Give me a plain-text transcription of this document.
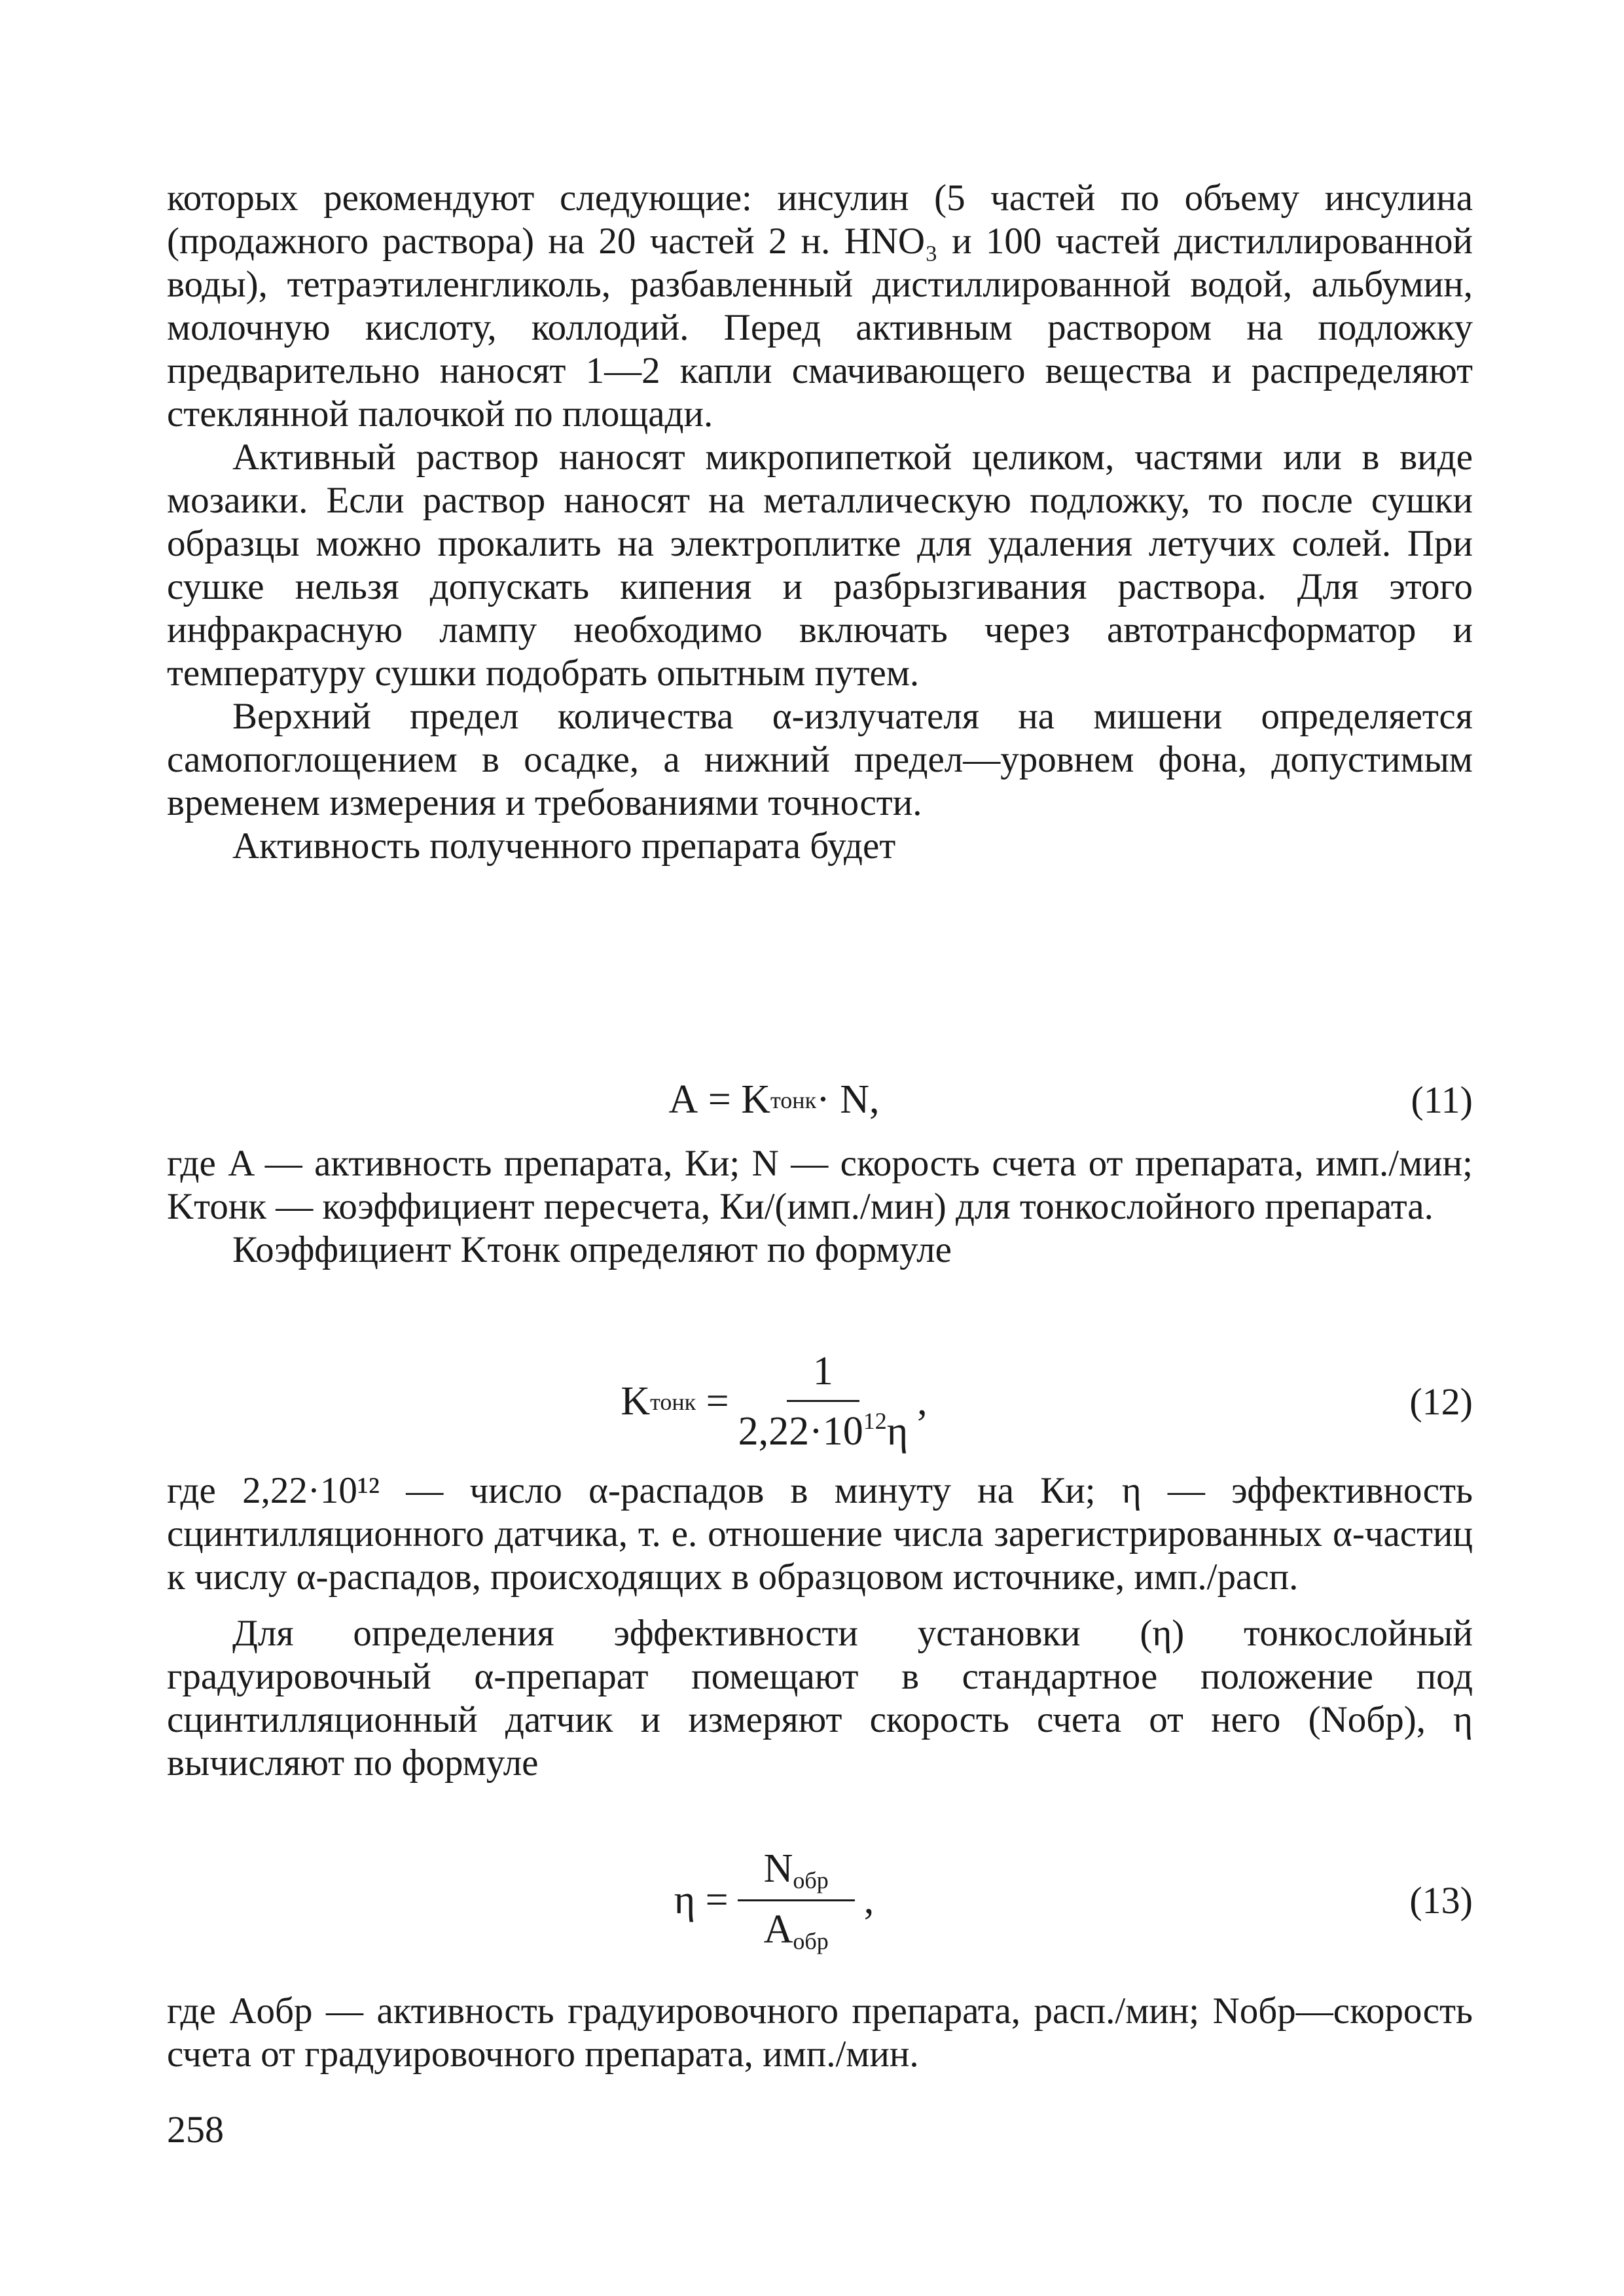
которых рекомендуют следующие: инсулин (5 частей по объему инсулина (продажного раствора) на 20 частей 2 н. HNO₃ и 100 частей дистиллированной воды), тетраэтиленгликоль, разбавленный дистиллированной водой, альбумин, молочную кислоту, коллодий. Перед активным раствором на подложку предварительно наносят 1—2 капли смачивающего вещества и распределяют стеклянной палочкой по площади.

Активный раствор наносят микропипеткой целиком, частями или в виде мозаики. Если раствор наносят на металлическую подложку, то после сушки образцы можно прокалить на электроплитке для удаления летучих солей. При сушке нельзя допускать кипения и разбрызгивания раствора. Для этого инфракрасную лампу необходимо включать через автотрансформатор и температуру сушки подобрать опытным путем.

Верхний предел количества α-излучателя на мишени определяется самопоглощением в осадке, а нижний предел—уровнем фона, допустимым временем измерения и требованиями точности.

Активность полученного препарата будет

A
=
K тонк · N,	(11)

где A — активность препарата, Ки; N — скорость счета от препарата, имп./мин; Kтонк — коэффициент пересчета, Ки/(имп./мин) для тонкослойного препарата.

Коэффициент Kтонк определяют по формуле

K тонк
= $\frac{1}{2,22\cdot 10^{12}\eta}$ ,	(12)

где 2,22·10¹² — число α-распадов в минуту на Ки; η — эффективность сцинтилляционного датчика, т. е. отношение числа зарегистрированных α-частиц к числу α-распадов, происходящих в образцовом источнике, имп./расп.

Для определения эффективности установки (η) тонкослойный градуировочный α-препарат помещают в стандартное положение под сцинтилляционный датчик и измеряют скорость счета от него (Nобр), η вычисляют по формуле

η
= $\frac{N_{обр}}{A_{обр}}$ ,	(13)

где Aобр — активность градуировочного препарата, расп./мин; Nобр—скорость счета от градуировочного препарата, имп./мин.

258
